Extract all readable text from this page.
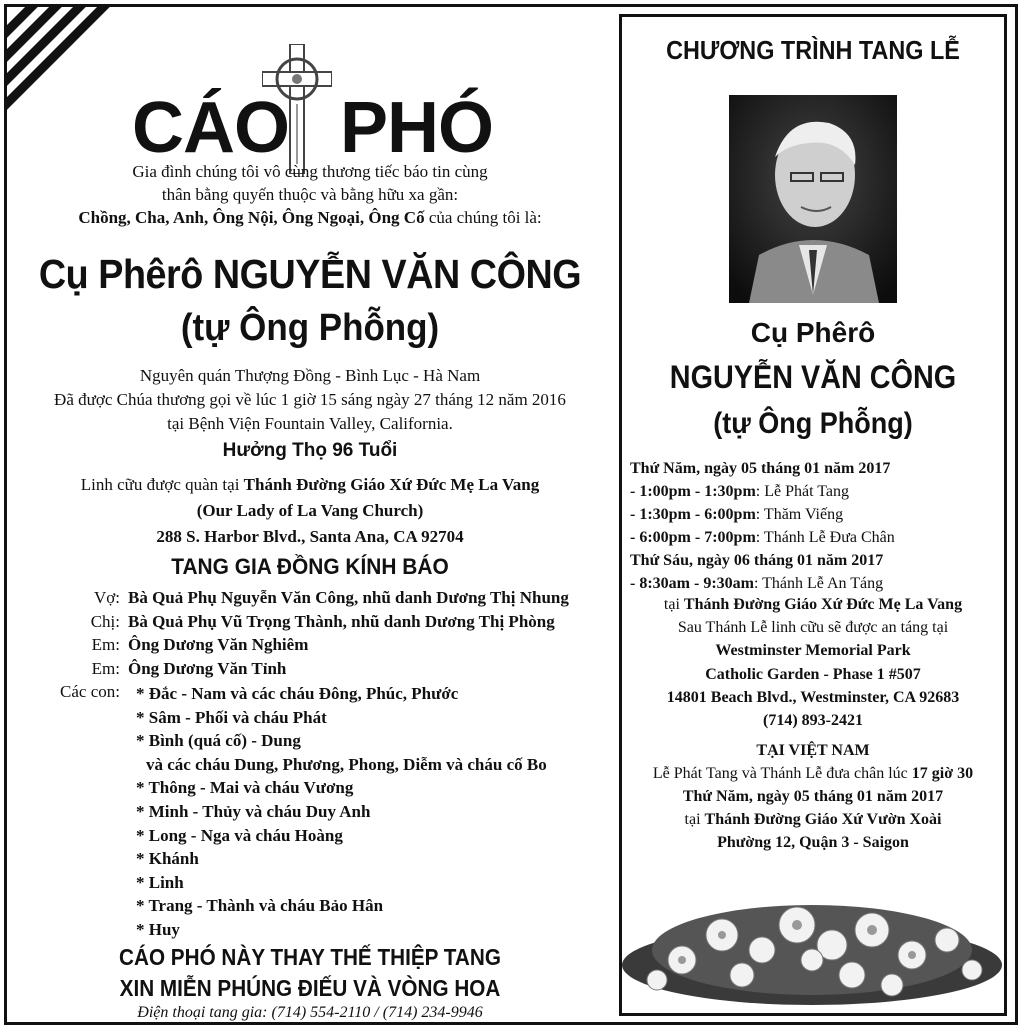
CÁO PHÓ
Gia đình chúng tôi vô cùng thương tiếc báo tin cùng
thân bằng quyến thuộc và bằng hữu xa gần:
Chồng, Cha, Anh, Ông Nội, Ông Ngoại, Ông Cố của chúng tôi là:
Cụ Phêrô NGUYỄN VĂN CÔNG
(tự Ông Phỗng)
Nguyên quán Thượng Đồng - Bình Lục - Hà Nam
Đã được Chúa thương gọi về lúc 1 giờ 15 sáng ngày 27 tháng 12 năm 2016
tại Bệnh Viện Fountain Valley, California.
Hưởng Thọ 96 Tuổi
Linh cữu được quàn tại Thánh Đường Giáo Xứ Đức Mẹ La Vang
(Our Lady of La Vang Church)
288 S. Harbor Blvd., Santa Ana, CA 92704
TANG GIA ĐỒNG KÍNH BÁO
Vợ: Bà Quả Phụ Nguyễn Văn Công, nhũ danh Dương Thị Nhung
Chị: Bà Quả Phụ Vũ Trọng Thành, nhũ danh Dương Thị Phòng
Em: Ông Dương Văn Nghiêm
Em: Ông Dương Văn Tỉnh
Các con: * Đắc - Nam và các cháu Đông, Phúc, Phước
* Sâm - Phối và cháu Phát
* Bình (quá cố) - Dung
và các cháu Dung, Phương, Phong, Diễm và cháu cố Bo
* Thông - Mai và cháu Vương
* Minh - Thủy và cháu Duy Anh
* Long - Nga và cháu Hoàng
* Khánh
* Linh
* Trang - Thành và cháu Bảo Hân
* Huy
CÁO PHÓ NÀY THAY THẾ THIỆP TANG
XIN MIỄN PHÚNG ĐIẾU VÀ VÒNG HOA
Điện thoại tang gia: (714) 554-2110 / (714) 234-9946
CHƯƠNG TRÌNH TANG LỄ
Cụ Phêrô
NGUYỄN VĂN CÔNG
(tự Ông Phỗng)
Thứ Năm, ngày 05 tháng 01 năm 2017
- 1:00pm - 1:30pm: Lễ Phát Tang
- 1:30pm - 6:00pm: Thăm Viếng
- 6:00pm - 7:00pm: Thánh Lễ Đưa Chân
Thứ Sáu, ngày 06 tháng 01 năm 2017
- 8:30am - 9:30am: Thánh Lễ An Táng
tại Thánh Đường Giáo Xứ Đức Mẹ La Vang
Sau Thánh Lễ linh cữu sẽ được an táng tại
Westminster Memorial Park
Catholic Garden - Phase 1 #507
14801 Beach Blvd., Westminster, CA 92683
(714) 893-2421
TẠI VIỆT NAM
Lễ Phát Tang và Thánh Lễ đưa chân lúc 17 giờ 30
Thứ Năm, ngày 05 tháng 01 năm 2017
tại Thánh Đường Giáo Xứ Vườn Xoài
Phường 12, Quận 3 - Saigon
